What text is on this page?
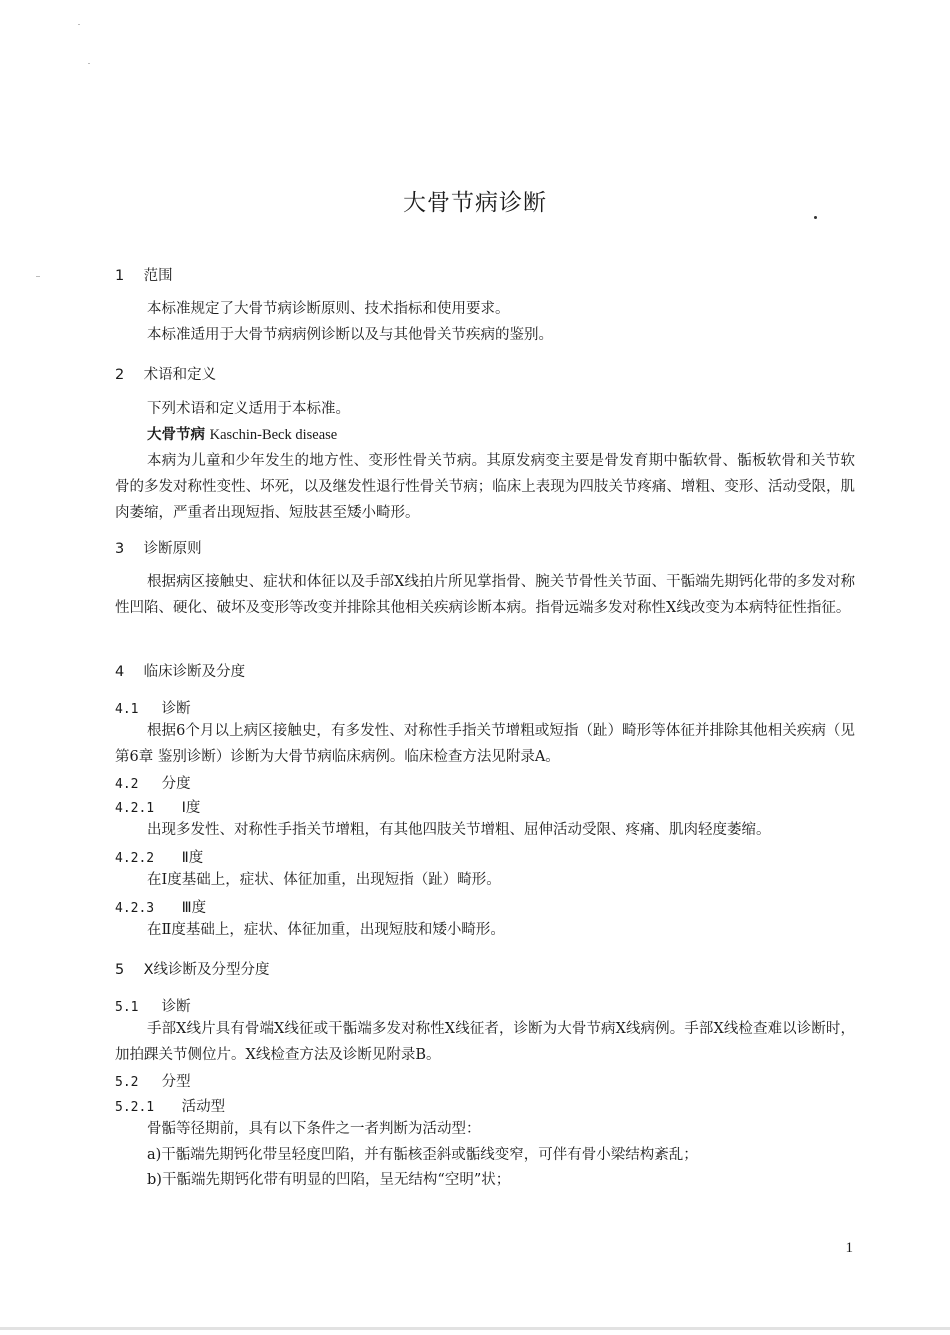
大骨节病诊断
1 范围
本标准规定了大骨节病诊断原则、技术指标和使用要求。
本标准适用于大骨节病病例诊断以及与其他骨关节疾病的鉴别。
2 术语和定义
下列术语和定义适用于本标准。
大骨节病 Kaschin-Beck disease
本病为儿童和少年发生的地方性、变形性骨关节病。其原发病变主要是骨发育期中骺软骨、骺板软骨和关节软骨的多发对称性变性、坏死，以及继发性退行性骨关节病；临床上表现为四肢关节疼痛、增粗、变形、活动受限，肌肉萎缩，严重者出现短指、短肢甚至矮小畸形。
3 诊断原则
根据病区接触史、症状和体征以及手部X线拍片所见掌指骨、腕关节骨性关节面、干骺端先期钙化带的多发对称性凹陷、硬化、破坏及变形等改变并排除其他相关疾病诊断本病。指骨远端多发对称性X线改变为本病特征性指征。
4 临床诊断及分度
4.1 诊断
根据6个月以上病区接触史，有多发性、对称性手指关节增粗或短指（趾）畸形等体征并排除其他相关疾病（见第6章 鉴别诊断）诊断为大骨节病临床病例。临床检查方法见附录A。
4.2 分度
4.2.1 Ⅰ度
出现多发性、对称性手指关节增粗，有其他四肢关节增粗、屈伸活动受限、疼痛、肌肉轻度萎缩。
4.2.2 Ⅱ度
在Ⅰ度基础上，症状、体征加重，出现短指（趾）畸形。
4.2.3 Ⅲ度
在Ⅱ度基础上，症状、体征加重，出现短肢和矮小畸形。
5 X线诊断及分型分度
5.1 诊断
手部X线片具有骨端X线征或干骺端多发对称性X线征者，诊断为大骨节病X线病例。手部X线检查难以诊断时，加拍踝关节侧位片。X线检查方法及诊断见附录B。
5.2 分型
5.2.1 活动型
骨骺等径期前，具有以下条件之一者判断为活动型：
a)干骺端先期钙化带呈轻度凹陷，并有骺核歪斜或骺线变窄，可伴有骨小梁结构紊乱；
b)干骺端先期钙化带有明显的凹陷，呈无结构“空明”状；
1
